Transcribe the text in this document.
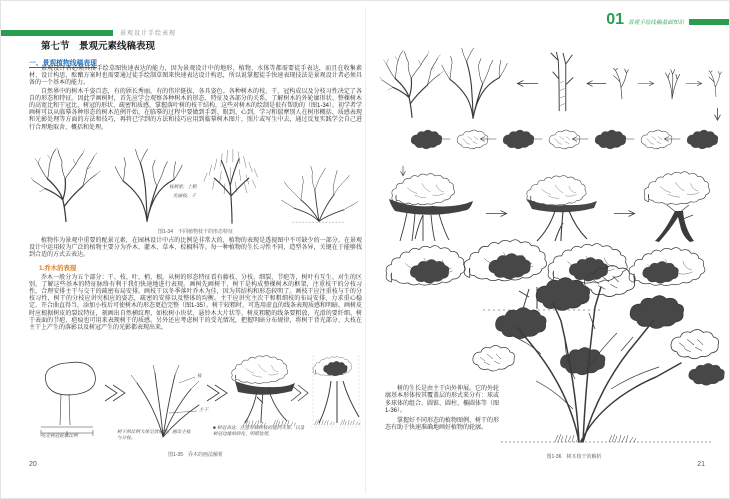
景观设计手绘表现
第七节　景观元素线稿表现
一、景观植物线稿表现

景观设计者必须具备手绘草图快速表达的能力，因为景观设计中的地形、植物、水体等都需要徒手表达，而且在收集素材、设计构思、酝酿方案时也需要通过徒手绘制草图来快速表达设计构思，所以说掌握徒手快速表现技法是景观设计者必须具备的一个基本的能力。

自然界中的树木千姿百态，有的颀长秀丽，有的伟岸挺拔，各具姿色。各种树木的枝、干、冠构成以及分枝习性决定了各自的形态和特征。因此学画树时，首先应学会观察各种树木的形态、特征及各部分的关系，了解树木的外轮廓形状、整棵树木的高宽比和干冠比、树冠的形状、疏密和质感，掌握落叶树的枝干结构，这些对树木的绘制是很有帮助的（图1-34）。初学者学画树可以从临摹各种形态的树木范例开始，在临摹的过程中要做到手到、眼到、心到，学习和揣摩别人在树形概括、质感表现和光影处理等方面的方法和技巧，再将已学到的方法和技巧应用到临摹树木图片、照片或写生中去，通过反复实践学会自己进行合理地取舍、概括和处理。

枝梢密，上粗
先画枝，干
图1-34　不同植物枝干的形态特征

植物作为景观中重要的配景元素，在园林设计中占的比例是非常大的，植物的表现是透视图中不可缺少的一部分。在景观设计中运用较为广泛的植物主要分为乔木、灌木、草本、棕榈科等。每一种植物的生长习性不同，造型各异，关键在于能够找到合适的方式去表达。

1.乔木的表现

乔木一般分为五个部分：干、枝、叶、梢、根。从树的形态特征看有藤枝、分枝、细裂、节疤等，树叶有互生、对生的区别，了解这些基本的特征脉络有利于我们快速地进行表现。画树先画树干，树干是构成整棵树木的框架，注重枝干的分枝习性，合理安排主干与交干的疏密布局安排。画枝干以冬季落叶乔木为佳，因为其结构和形态较明了。画枝干应注重枝与干的分枝习性，树干的分枝应讲究相应的姿态，疏密的安排以及整体的均衡。主干应讲究主次干和粗细枝的布局安排，力求重心稳定、开合曲直得当，添加小枝后可使树木的形态更趋完整（图1-35）。树干较粗时，可选用虚直的线条表现质感和明暗。画树皮时应根据树皮的裂纹特征，刻画出自然横纹理，如松树小块状、悬铃木大片状等。树皮粗糙的线条要粗放，光滑的要纤细。树干表面的节疤、疤痕也可用来表现树干的质感。另外还应考虑树干的受光情况，把握明暗分布规律，将树干背光部分、大枝在主干上产生的落影以及树冠产生的光影都表现出来。

先定树冠轮廓比例
树干的比例大体呈放射状，画出主枝与分枝。
■ 树冠表达：注意穿插树枝的遮挡关系，以及树冠边缘的碎化、明暗处理。
枝
主干
图1-35　乔木的画法解析
20
01 景观手绘线稿基础知识

树的生长是由主干向外伸展。它的外轮廓基本形体按其覆盖层的形式来分有：球或多球体的组合、圆锥、圆柱、椭圆体等（图1-36）。

掌握好不同形态的植物图例、树干的形态有助于快速准确地画好植物的轮廓。

图1-36　树木枝干的解析
21
